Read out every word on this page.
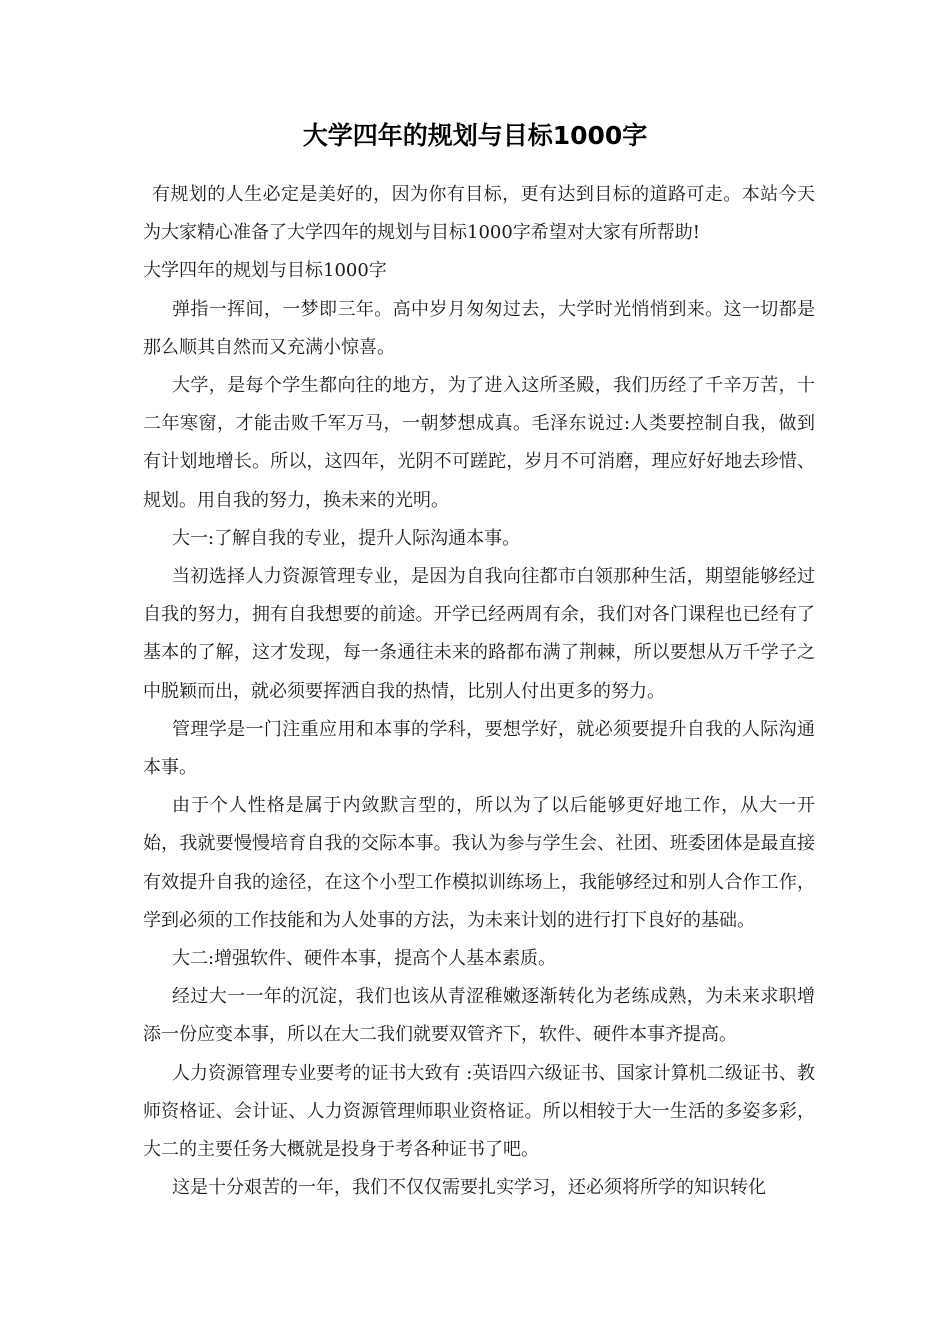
大学四年的规划与目标1000字

有规划的人生必定是美好的，因为你有目标，更有达到目标的道路可走。本站今天为大家精心准备了大学四年的规划与目标1000字希望对大家有所帮助!

大学四年的规划与目标1000字

弹指一挥间，一梦即三年。高中岁月匆匆过去，大学时光悄悄到来。这一切都是那么顺其自然而又充满小惊喜。

大学，是每个学生都向往的地方，为了进入这所圣殿，我们历经了千辛万苦，十二年寒窗，才能击败千军万马，一朝梦想成真。毛泽东说过:人类要控制自我，做到有计划地增长。所以，这四年，光阴不可蹉跎，岁月不可消磨，理应好好地去珍惜、规划。用自我的努力，换未来的光明。

大一:了解自我的专业，提升人际沟通本事。

当初选择人力资源管理专业，是因为自我向往都市白领那种生活，期望能够经过自我的努力，拥有自我想要的前途。开学已经两周有余，我们对各门课程也已经有了基本的了解，这才发现，每一条通往未来的路都布满了荆棘，所以要想从万千学子之中脱颖而出，就必须要挥洒自我的热情，比别人付出更多的努力。

管理学是一门注重应用和本事的学科，要想学好，就必须要提升自我的人际沟通本事。

由于个人性格是属于内敛默言型的，所以为了以后能够更好地工作，从大一开始，我就要慢慢培育自我的交际本事。我认为参与学生会、社团、班委团体是最直接有效提升自我的途径，在这个小型工作模拟训练场上，我能够经过和别人合作工作，学到必须的工作技能和为人处事的方法，为未来计划的进行打下良好的基础。

大二:增强软件、硬件本事，提高个人基本素质。

经过大一一年的沉淀，我们也该从青涩稚嫩逐渐转化为老练成熟，为未来求职增添一份应变本事，所以在大二我们就要双管齐下，软件、硬件本事齐提高。

人力资源管理专业要考的证书大致有 :英语四六级证书、国家计算机二级证书、教师资格证、会计证、人力资源管理师职业资格证。所以相较于大一生活的多姿多彩，大二的主要任务大概就是投身于考各种证书了吧。

这是十分艰苦的一年，我们不仅仅需要扎实学习，还必须将所学的知识转化
